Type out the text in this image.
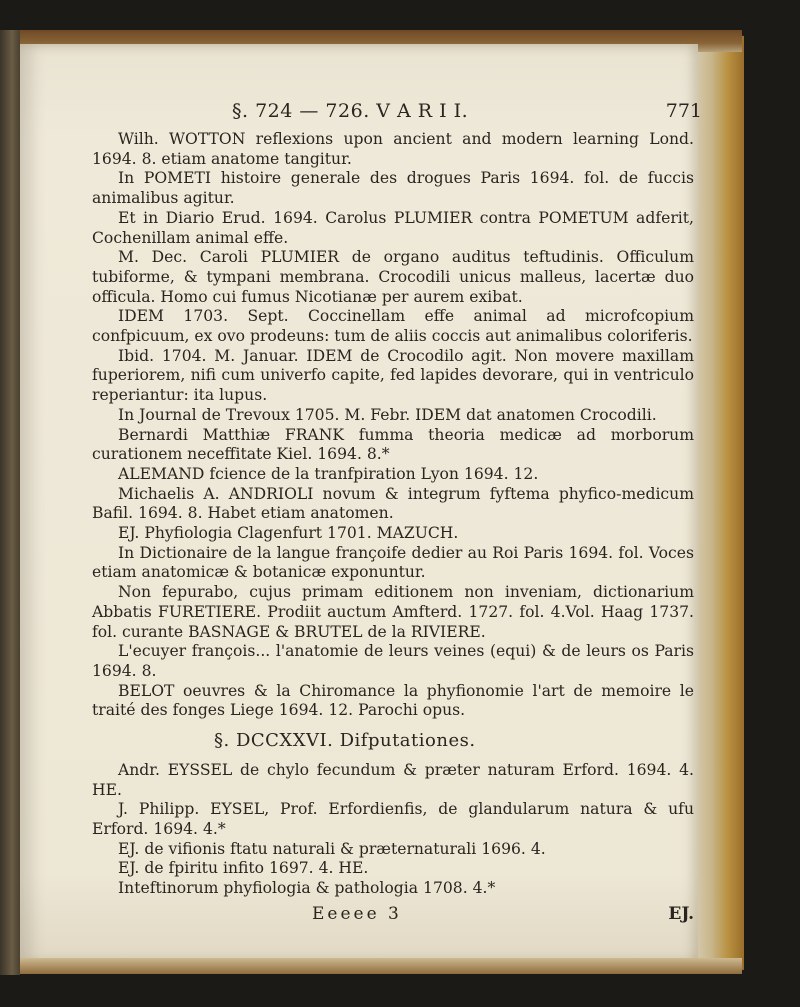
§. 724 — 726. V A R I I.	771

Wilh. WOTTON reflexions upon ancient and modern learning Lond. 1694. 8. etiam anatome tangitur.

In POMETI histoire generale des drogues Paris 1694. fol. de fuccis animalibus agitur.

Et in Diario Erud. 1694. Carolus PLUMIER contra POMETUM adferit, Cochenillam animal effe.

M. Dec. Caroli PLUMIER de organo auditus teftudinis. Officulum tubiforme, & tympani membrana. Crocodili unicus malleus, lacertæ duo officula. Homo cui fumus Nicotianæ per aurem exibat.

IDEM 1703. Sept. Coccinellam effe animal ad microfcopium confpicuum, ex ovo prodeuns: tum de aliis coccis aut animalibus coloriferis.

Ibid. 1704. M. Januar. IDEM de Crocodilo agit. Non movere maxillam fuperiorem, nifi cum univerfo capite, fed lapides devorare, qui in ventriculo reperiantur: ita lupus.

In Journal de Trevoux 1705. M. Febr. IDEM dat anatomen Crocodili.

Bernardi Matthiæ FRANK fumma theoria medicæ ad morborum curationem neceffitate Kiel. 1694. 8.*

ALEMAND fcience de la tranfpiration Lyon 1694. 12.

Michaelis A. ANDRIOLI novum & integrum fyftema phyfico-medicum Bafil. 1694. 8. Habet etiam anatomen.

EJ. Phyfiologia Clagenfurt 1701. MAZUCH.

In Dictionaire de la langue françoife dedier au Roi Paris 1694. fol. Voces etiam anatomicæ & botanicæ exponuntur.

Non fepurabo, cujus primam editionem non inveniam, dictionarium Abbatis FURETIERE. Prodiit auctum Amfterd. 1727. fol. 4.Vol. Haag 1737. fol. curante BASNAGE & BRUTEL de la RIVIERE.

L'ecuyer françois... l'anatomie de leurs veines (equi) & de leurs os Paris 1694. 8.

BELOT oeuvres & la Chiromance la phyfionomie l'art de memoire le traité des fonges Liege 1694. 12. Parochi opus.

§. DCCXXVI. Difputationes.

Andr. EYSSEL de chylo fecundum & præter naturam Erford. 1694. 4. HE.

J. Philipp. EYSEL, Prof. Erfordienfis, de glandularum natura & ufu Erford. 1694. 4.*

EJ. de vifionis ftatu naturali & præternaturali 1696. 4.

EJ. de fpiritu infito 1697. 4. HE.

Inteftinorum phyfiologia & pathologia 1708. 4.*

Eeeee 3	EJ.
